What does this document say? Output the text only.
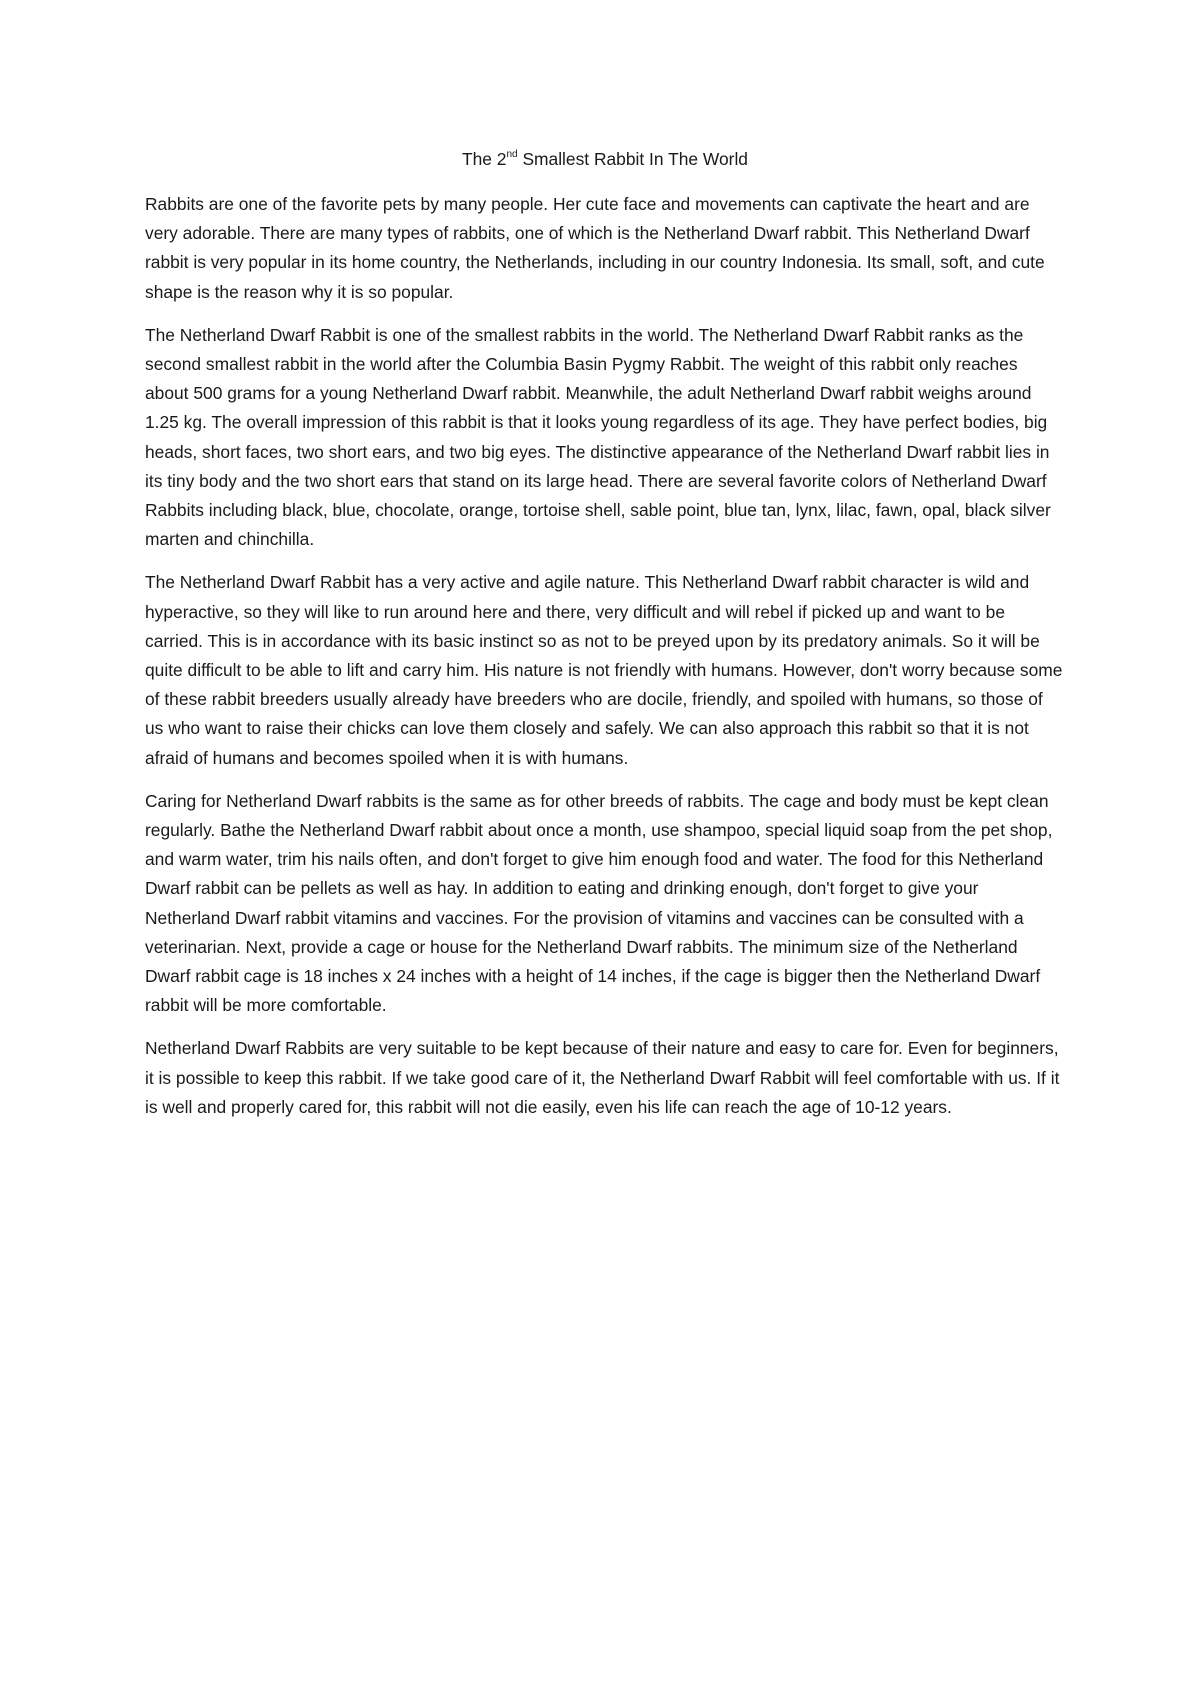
The 2nd Smallest Rabbit In The World

Rabbits are one of the favorite pets by many people. Her cute face and movements can captivate the heart and are very adorable. There are many types of rabbits, one of which is the Netherland Dwarf rabbit. This Netherland Dwarf rabbit is very popular in its home country, the Netherlands, including in our country Indonesia. Its small, soft, and cute shape is the reason why it is so popular.

The Netherland Dwarf Rabbit is one of the smallest rabbits in the world. The Netherland Dwarf Rabbit ranks as the second smallest rabbit in the world after the Columbia Basin Pygmy Rabbit. The weight of this rabbit only reaches about 500 grams for a young Netherland Dwarf rabbit. Meanwhile, the adult Netherland Dwarf rabbit weighs around 1.25 kg. The overall impression of this rabbit is that it looks young regardless of its age. They have perfect bodies, big heads, short faces, two short ears, and two big eyes. The distinctive appearance of the Netherland Dwarf rabbit lies in its tiny body and the two short ears that stand on its large head. There are several favorite colors of Netherland Dwarf Rabbits including black, blue, chocolate, orange, tortoise shell, sable point, blue tan, lynx, lilac, fawn, opal, black silver marten and chinchilla.

The Netherland Dwarf Rabbit has a very active and agile nature. This Netherland Dwarf rabbit character is wild and hyperactive, so they will like to run around here and there, very difficult and will rebel if picked up and want to be carried. This is in accordance with its basic instinct so as not to be preyed upon by its predatory animals. So it will be quite difficult to be able to lift and carry him. His nature is not friendly with humans. However, don't worry because some of these rabbit breeders usually already have breeders who are docile, friendly, and spoiled with humans, so those of us who want to raise their chicks can love them closely and safely. We can also approach this rabbit so that it is not afraid of humans and becomes spoiled when it is with humans.

Caring for Netherland Dwarf rabbits is the same as for other breeds of rabbits. The cage and body must be kept clean regularly. Bathe the Netherland Dwarf rabbit about once a month, use shampoo, special liquid soap from the pet shop, and warm water, trim his nails often, and don't forget to give him enough food and water. The food for this Netherland Dwarf rabbit can be pellets as well as hay. In addition to eating and drinking enough, don't forget to give your Netherland Dwarf rabbit vitamins and vaccines. For the provision of vitamins and vaccines can be consulted with a veterinarian. Next, provide a cage or house for the Netherland Dwarf rabbits. The minimum size of the Netherland Dwarf rabbit cage is 18 inches x 24 inches with a height of 14 inches, if the cage is bigger then the Netherland Dwarf rabbit will be more comfortable.

Netherland Dwarf Rabbits are very suitable to be kept because of their nature and easy to care for. Even for beginners, it is possible to keep this rabbit. If we take good care of it, the Netherland Dwarf Rabbit will feel comfortable with us. If it is well and properly cared for, this rabbit will not die easily, even his life can reach the age of 10-12 years.
